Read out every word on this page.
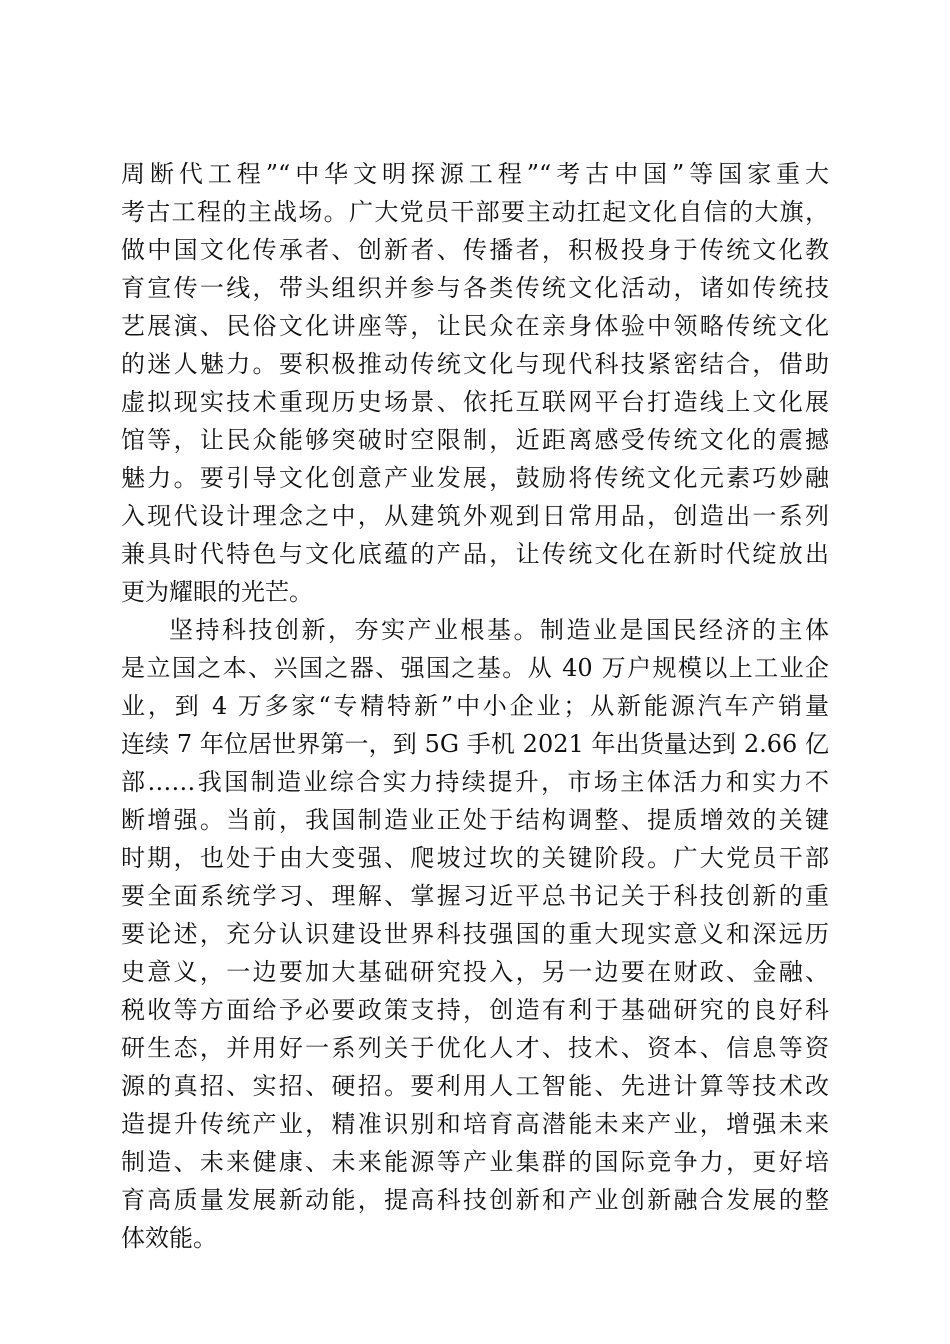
周断代工程”“中华文明探源工程”“考古中国”等国家重大
考古工程的主战场。广大党员干部要主动扛起文化自信的大旗，
做中国文化传承者、创新者、传播者，积极投身于传统文化教
育宣传一线，带头组织并参与各类传统文化活动，诸如传统技
艺展演、民俗文化讲座等，让民众在亲身体验中领略传统文化
的迷人魅力。要积极推动传统文化与现代科技紧密结合，借助
虚拟现实技术重现历史场景、依托互联网平台打造线上文化展
馆等，让民众能够突破时空限制，近距离感受传统文化的震撼
魅力。要引导文化创意产业发展，鼓励将传统文化元素巧妙融
入现代设计理念之中，从建筑外观到日常用品，创造出一系列
兼具时代特色与文化底蕴的产品，让传统文化在新时代绽放出
更为耀眼的光芒。
坚持科技创新，夯实产业根基。制造业是国民经济的主体
是立国之本、兴国之器、强国之基。从 40 万户规模以上工业企
业，到 4 万多家“专精特新”中小企业；从新能源汽车产销量
连续 7 年位居世界第一，到 5G 手机 2021 年出货量达到 2.66 亿
部……我国制造业综合实力持续提升，市场主体活力和实力不
断增强。当前，我国制造业正处于结构调整、提质增效的关键
时期，也处于由大变强、爬坡过坎的关键阶段。广大党员干部
要全面系统学习、理解、掌握习近平总书记关于科技创新的重
要论述，充分认识建设世界科技强国的重大现实意义和深远历
史意义，一边要加大基础研究投入，另一边要在财政、金融、
税收等方面给予必要政策支持，创造有利于基础研究的良好科
研生态，并用好一系列关于优化人才、技术、资本、信息等资
源的真招、实招、硬招。要利用人工智能、先进计算等技术改
造提升传统产业，精准识别和培育高潜能未来产业，增强未来
制造、未来健康、未来能源等产业集群的国际竞争力，更好培
育高质量发展新动能，提高科技创新和产业创新融合发展的整
体效能。
